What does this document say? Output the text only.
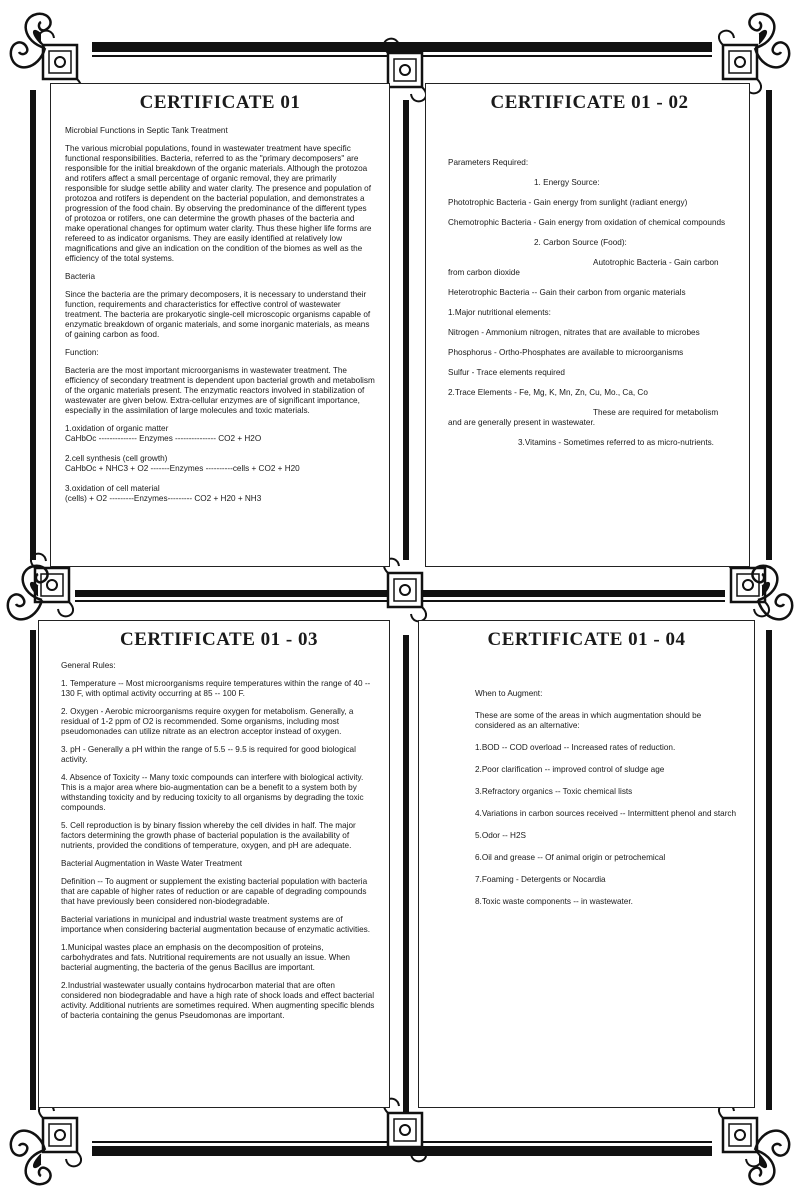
CERTIFICATE 01

Microbial Functions in Septic Tank Treatment

The various microbial populations, found in wastewater treatment have specific functional responsibilities. Bacteria, referred to as the "primary decomposers" are responsible for the initial breakdown of the organic materials. Although the protozoa and rotifers affect a small percentage of organic removal, they are primarily responsible for sludge settle ability and water clarity. The presence and population of protozoa and rotifers is dependent on the bacterial population, and demonstrates a progression of the food chain. By observing the predominance of the different types of protozoa or rotifers, one can determine the growth phases of the bacteria and make operational changes for optimum water clarity. Thus these higher life forms are refereed to as indicator organisms. They are easily identified at relatively low magnifications and give an indication on the condition of the biomes as well as the efficiency of the total systems.

Bacteria

Since the bacteria are the primary decomposers, it is necessary to understand their function, requirements and characteristics for effective control of wastewater treatment. The bacteria are prokaryotic single-cell microscopic organisms capable of enzymatic breakdown of organic materials, and some inorganic materials, as means of gaining carbon as food.

Function:

Bacteria are the most important microorganisms in wastewater treatment. The efficiency of secondary treatment is dependent upon bacterial growth and metabolism of the organic materials present. The enzymatic reactors involved in stabilization of wastewater are given below. Extra-cellular enzymes are of significant importance, especially in the assimilation of large molecules and toxic materials.

1.oxidation of organic matter
CaHbOc -------------- Enzymes --------------- CO2 + H2O
2.cell synthesis (cell growth)
CaHbOc + NHC3 + O2 -------Enzymes ----------cells + CO2 + H20
3.oxidation of cell material
(cells) + O2 ---------Enzymes--------- CO2 + H20 + NH3
CERTIFICATE 01 - 02

Parameters Required:

1. Energy Source:

Phototrophic Bacteria - Gain energy from sunlight (radiant energy)

Chemotrophic Bacteria - Gain energy from oxidation of chemical compounds

2. Carbon Source (Food):

Autotrophic Bacteria - Gain carbon from carbon dioxide

Heterotrophic Bacteria -- Gain their carbon from organic materials

1.Major nutritional elements:

Nitrogen - Ammonium nitrogen, nitrates that are available to microbes

Phosphorus - Ortho-Phosphates are available to microorganisms

Sulfur - Trace elements required

2.Trace Elements - Fe, Mg, K, Mn, Zn, Cu, Mo., Ca, Co

These are required for metabolism and are generally present in wastewater.

3.Vitamins - Sometimes referred to as micro-nutrients.

CERTIFICATE 01 - 03

General Rules:

1. Temperature -- Most microorganisms require temperatures within the range of 40 -- 130 F, with optimal activity occurring at 85 -- 100 F.

2. Oxygen - Aerobic microorganisms require oxygen for metabolism. Generally, a residual of 1-2 ppm of O2 is recommended. Some organisms, including most pseudomonades can utilize nitrate as an electron acceptor instead of oxygen.

3. pH - Generally a pH within the range of 5.5 -- 9.5 is required for good biological activity.

4. Absence of Toxicity -- Many toxic compounds can interfere with biological activity. This is a major area where bio-augmentation can be a benefit to a system both by withstanding toxicity and by reducing toxicity to all organisms by degrading the toxic compounds.

5. Cell reproduction is by binary fission whereby the cell divides in half. The major factors determining the growth phase of bacterial population is the availability of nutrients, provided the conditions of temperature, oxygen, and pH are adequate.

Bacterial Augmentation in Waste Water Treatment

Definition -- To augment or supplement the existing bacterial population with bacteria that are capable of higher rates of reduction or are capable of degrading compounds that have previously been considered non-biodegradable.

Bacterial variations in municipal and industrial waste treatment systems are of importance when considering bacterial augmentation because of enzymatic activities.

1.Municipal wastes place an emphasis on the decomposition of proteins, carbohydrates and fats. Nutritional requirements are not usually an issue. When bacterial augmenting, the bacteria of the genus Bacillus are important.

2.Industrial wastewater usually contains hydrocarbon material that are often considered non biodegradable and have a high rate of shock loads and effect bacterial activity. Additional nutrients are sometimes required. When augmenting specific blends of bacteria containing the genus Pseudomonas are important.

CERTIFICATE 01 - 04

When to Augment:

These are some of the areas in which augmentation should be considered as an alternative:

1.BOD -- COD overload -- Increased rates of reduction.

2.Poor clarification -- improved control of sludge age

3.Refractory organics -- Toxic chemical lists

4.Variations in carbon sources received -- Intermittent phenol and starch

5.Odor -- H2S

6.Oil and grease -- Of animal origin or petrochemical

7.Foaming - Detergents or Nocardia

8.Toxic waste components -- in wastewater.
